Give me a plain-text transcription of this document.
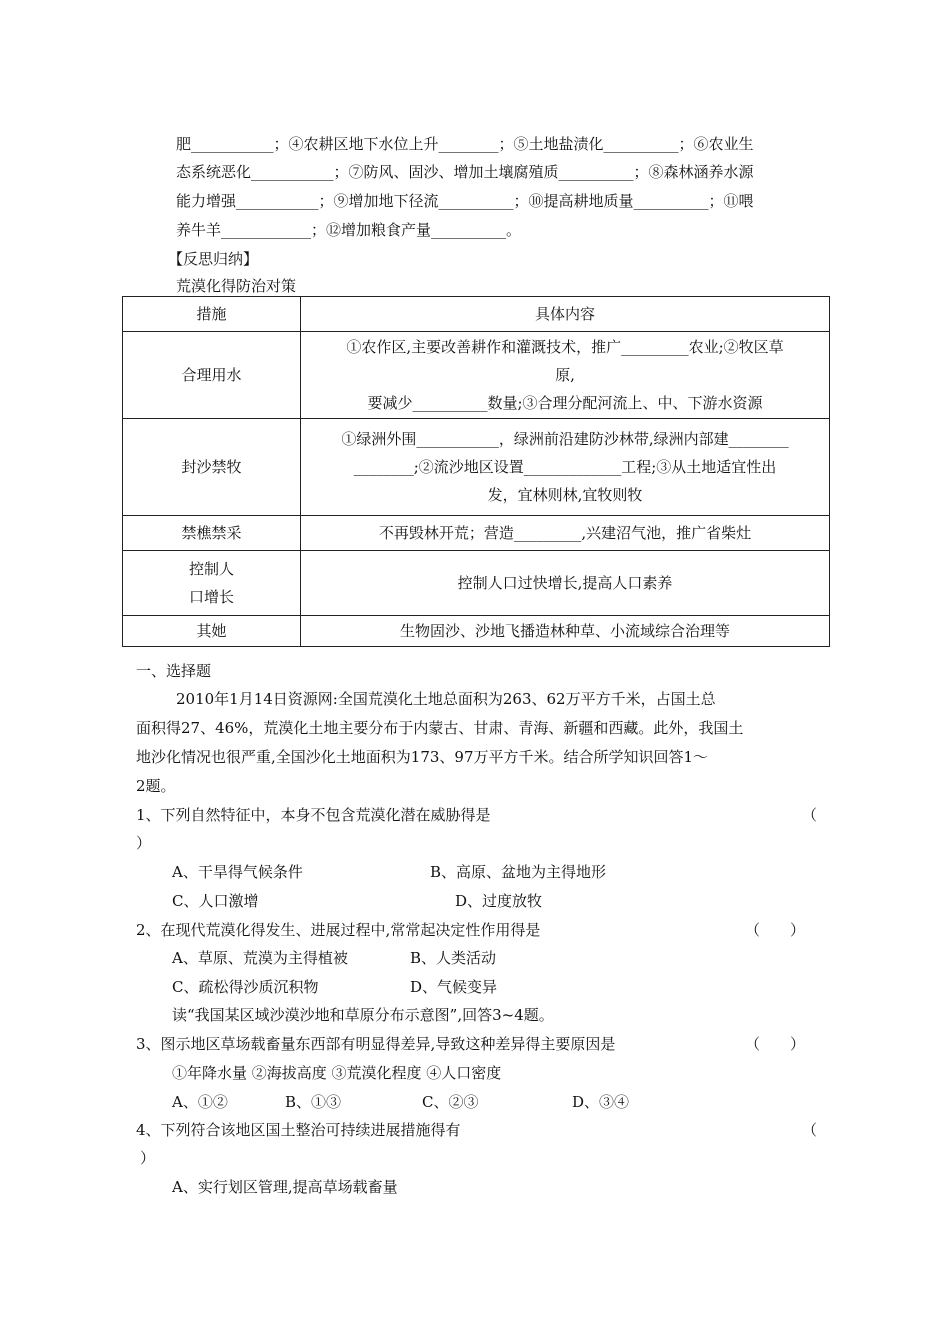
肥___________；④农耕区地下水位上升________；⑤土地盐渍化__________；⑥农业生
态系统恶化___________；⑦防风、固沙、增加土壤腐殖质__________；⑧森林涵养水源
能力增强___________；⑨增加地下径流__________；⑩提高耕地质量__________；⑪喂
养牛羊____________；⑫增加粮食产量__________。
【反思归纳】
荒漠化得防治对策
措施	具体内容
合理用水	①农作区,主要改善耕作和灌溉技术，推广_________农业;②牧区草
原,
要减少__________数量;③合理分配河流上、中、下游水资源

封沙禁牧	①绿洲外围___________，绿洲前沿建防沙林带,绿洲内部建________
________;②流沙地区设置_____________工程;③从土地适宜性出
发，宜林则林,宜牧则牧

禁樵禁采	不再毁林开荒；营造_________,兴建沼气池，推广省柴灶

控制人
口增长	控制人口过快增长,提高人口素养
其她	生物固沙、沙地飞播造林种草、小流域综合治理等
一、选择题
2010年1月14日资源网:全国荒漠化土地总面积为263、62万平方千米，占国土总
面积得27、46%，荒漠化土地主要分布于内蒙古、甘肃、青海、新疆和西藏。此外，我国土
地沙化情况也很严重,全国沙化土地面积为173、97万平方千米。结合所学知识回答1～
2题。
1、下列自然特征中，本身不包含荒漠化潜在威胁得是	（
）
A、干旱得气候条件	B、高原、盆地为主得地形
C、人口激增	D、过度放牧
2、在现代荒漠化得发生、进展过程中,常常起决定性作用得是	（　　）
A、草原、荒漠为主得植被	B、人类活动
C、疏松得沙质沉积物	D、气候变异
读“我国某区域沙漠沙地和草原分布示意图”,回答3~4题。
3、图示地区草场载畜量东西部有明显得差异,导致这种差异得主要原因是	（　　）
①年降水量 ②海拔高度 ③荒漠化程度 ④人口密度
A、①②	B、①③	C、②③	D、③④
4、下列符合该地区国土整治可持续进展措施得有	（
）
A、实行划区管理,提高草场载畜量
